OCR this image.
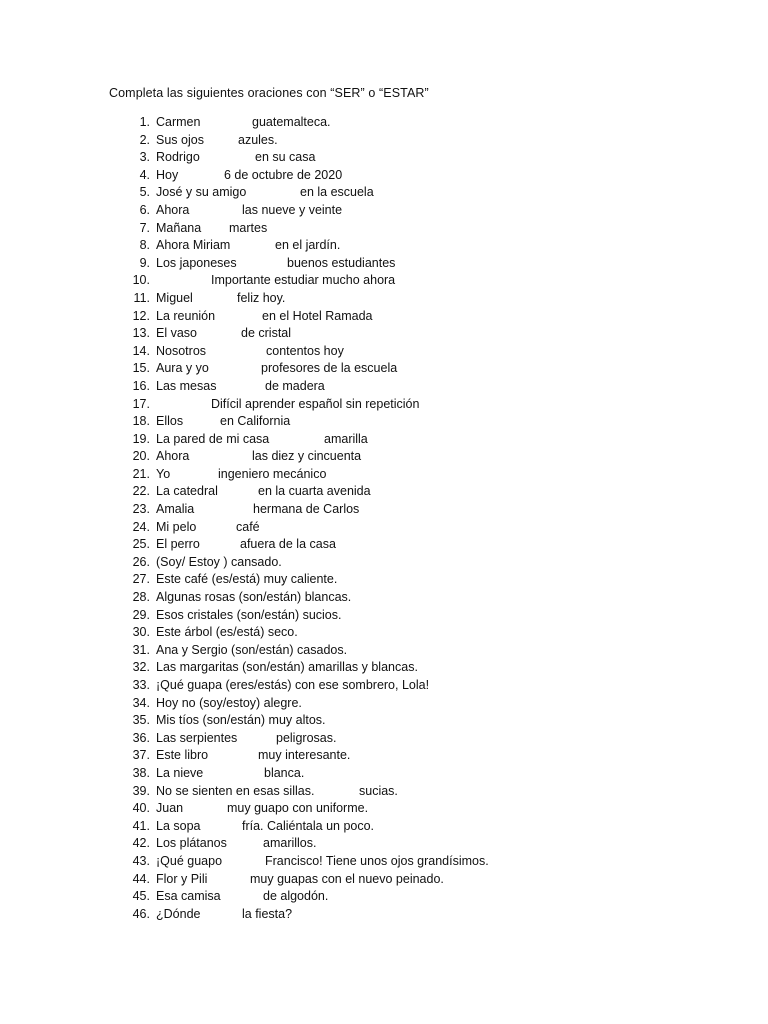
Completa las siguientes oraciones con “SER” o “ESTAR”
1. Carmen	guatemalteca.
2. Sus ojos	azules.
3. Rodrigo	en su casa
4. Hoy	6 de octubre de 2020
5. José y su amigo	en la escuela
6. Ahora	las nueve y veinte
7. Mañana martes
8. Ahora Miriam	en el jardín.
9. Los japoneses	buenos estudiantes
10.	Importante estudiar mucho ahora
11. Miguel	feliz hoy.
12. La reunión	en el Hotel Ramada
13. El vaso	de cristal
14. Nosotros	contentos hoy
15. Aura y yo	profesores de la escuela
16. Las mesas	de madera
17.	Difícil aprender español sin repetición
18. Ellos	en California
19. La pared de mi casa	amarilla
20. Ahora	las diez y cincuenta
21. Yo	ingeniero mecánico
22. La catedral	en la cuarta avenida
23. Amalia	hermana de Carlos
24. Mi pelo	café
25. El perro	afuera de la casa
26. (Soy/ Estoy ) cansado.
27. Este café (es/está) muy caliente.
28. Algunas rosas (son/están) blancas.
29. Esos cristales (son/están) sucios.
30. Este árbol (es/está) seco.
31. Ana y Sergio (son/están) casados.
32. Las margaritas (son/están) amarillas y blancas.
33. ¡Qué guapa (eres/estás) con ese sombrero, Lola!
34. Hoy no (soy/estoy) alegre.
35. Mis tíos (son/están) muy altos.
36. Las serpientes	peligrosas.
37. Este libro	muy interesante.
38. La nieve	blanca.
39. No se sienten en esas sillas.	sucias.
40. Juan	muy guapo con uniforme.
41. La sopa	fría. Caliéntala un poco.
42. Los plátanos	amarillos.
43. ¡Qué guapo	Francisco! Tiene unos ojos grandísimos.
44. Flor y Pili	muy guapas con el nuevo peinado.
45. Esa camisa	de algodón.
46. ¿Dónde	la fiesta?
